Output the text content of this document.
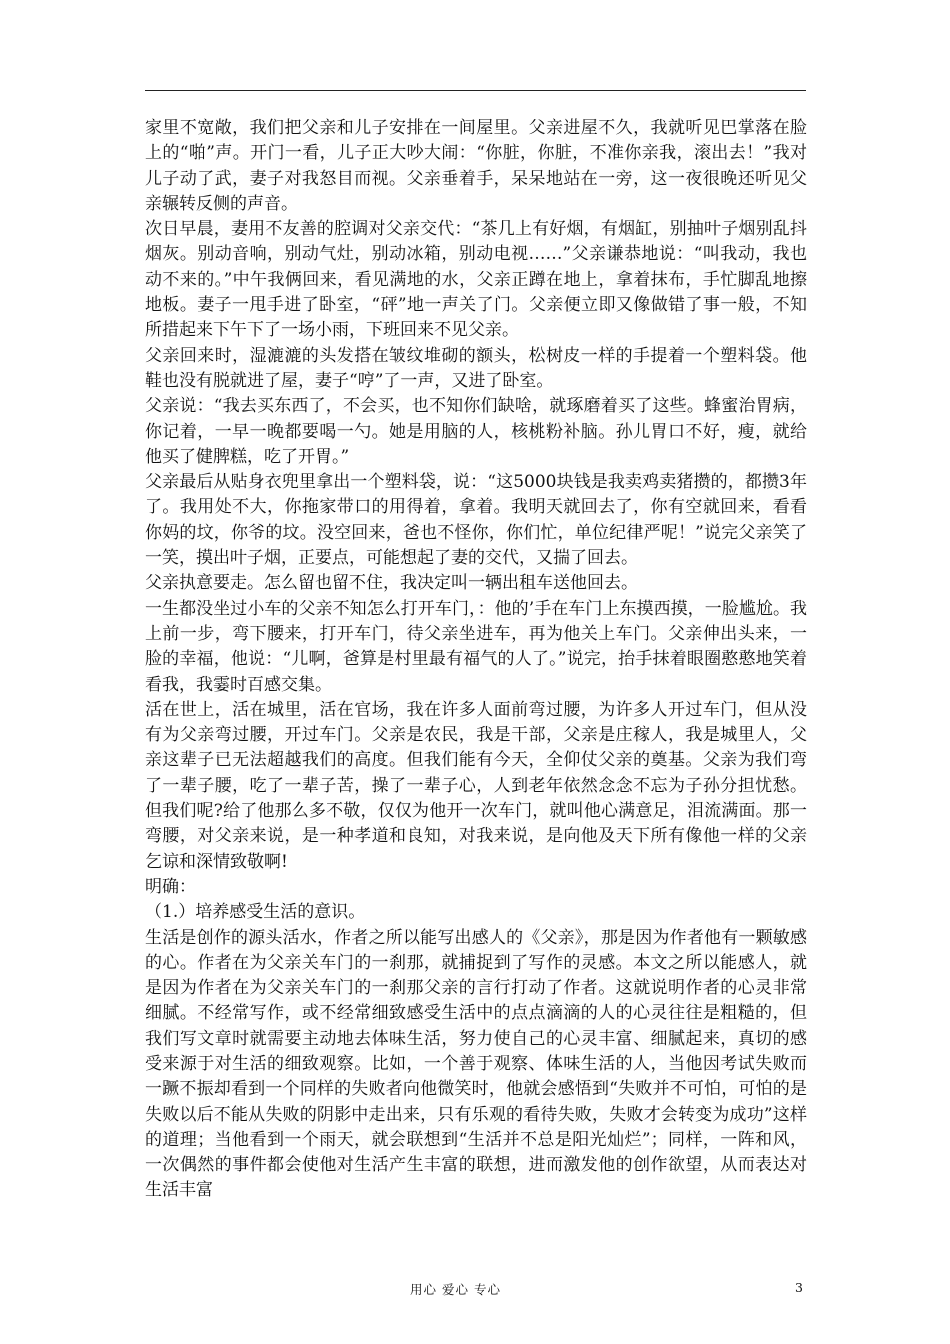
家里不宽敞，我们把父亲和儿子安排在一间屋里。父亲进屋不久，我就听见巴掌落在脸上的“啪”声。开门一看，儿子正大吵大闹：“你脏，你脏，不准你亲我，滚出去！”我对儿子动了武，妻子对我怒目而视。父亲垂着手，呆呆地站在一旁，这一夜很晚还听见父亲辗转反侧的声音。

次日早晨，妻用不友善的腔调对父亲交代：“茶几上有好烟，有烟缸，别抽叶子烟别乱抖烟灰。别动音响，别动气灶，别动冰箱，别动电视……”父亲谦恭地说：“叫我动，我也动不来的。”中午我俩回来，看见满地的水，父亲正蹲在地上，拿着抹布，手忙脚乱地擦地板。妻子一甩手进了卧室，“砰”地一声关了门。父亲便立即又像做错了事一般，不知所措起来下午下了一场小雨，下班回来不见父亲。

父亲回来时，湿漉漉的头发搭在皱纹堆砌的额头，松树皮一样的手提着一个塑料袋。他鞋也没有脱就进了屋，妻子“哼”了一声，又进了卧室。

父亲说：“我去买东西了，不会买，也不知你们缺啥，就琢磨着买了这些。蜂蜜治胃病，你记着，一早一晚都要喝一勺。她是用脑的人，核桃粉补脑。孙儿胃口不好，瘦，就给他买了健脾糕，吃了开胃。”

父亲最后从贴身衣兜里拿出一个塑料袋，说：“这5000块钱是我卖鸡卖猪攒的，都攒3年了。我用处不大，你拖家带口的用得着，拿着。我明天就回去了，你有空就回来，看看你妈的坟，你爷的坟。没空回来，爸也不怪你，你们忙，单位纪律严呢！”说完父亲笑了一笑，摸出叶子烟，正要点，可能想起了妻的交代，又揣了回去。

父亲执意要走。怎么留也留不住，我决定叫一辆出租车送他回去。

一生都没坐过小车的父亲不知怎么打开车门，：他的’手在车门上东摸西摸，一脸尴尬。我上前一步，弯下腰来，打开车门，待父亲坐进车，再为他关上车门。父亲伸出头来，一脸的幸福，他说：“儿啊，爸算是村里最有福气的人了。”说完，抬手抹着眼圈憨憨地笑着看我，我霎时百感交集。

活在世上，活在城里，活在官场，我在许多人面前弯过腰，为许多人开过车门，但从没有为父亲弯过腰，开过车门。父亲是农民，我是干部，父亲是庄稼人，我是城里人，父亲这辈子已无法超越我们的高度。但我们能有今天，全仰仗父亲的奠基。父亲为我们弯了一辈子腰，吃了一辈子苦，操了一辈子心，人到老年依然念念不忘为子孙分担忧愁。但我们呢?给了他那么多不敬，仅仅为他开一次车门，就叫他心满意足，泪流满面。那一弯腰，对父亲来说，是一种孝道和良知，对我来说，是向他及天下所有像他一样的父亲乞谅和深情致敬啊!

明确：

（1.）培养感受生活的意识。

生活是创作的源头活水，作者之所以能写出感人的《父亲》，那是因为作者他有一颗敏感的心。作者在为父亲关车门的一刹那，就捕捉到了写作的灵感。本文之所以能感人，就是因为作者在为父亲关车门的一刹那父亲的言行打动了作者。这就说明作者的心灵非常细腻。不经常写作，或不经常细致感受生活中的点点滴滴的人的心灵往往是粗糙的，但我们写文章时就需要主动地去体味生活，努力使自己的心灵丰富、细腻起来，真切的感受来源于对生活的细致观察。比如，一个善于观察、体味生活的人，当他因考试失败而一蹶不振却看到一个同样的失败者向他微笑时，他就会感悟到“失败并不可怕，可怕的是失败以后不能从失败的阴影中走出来，只有乐观的看待失败，失败才会转变为成功”这样的道理；当他看到一个雨天，就会联想到“生活并不总是阳光灿烂”；同样，一阵和风，一次偶然的事件都会使他对生活产生丰富的联想，进而激发他的创作欲望，从而表达对生活丰富

用心 爱心 专心	3
